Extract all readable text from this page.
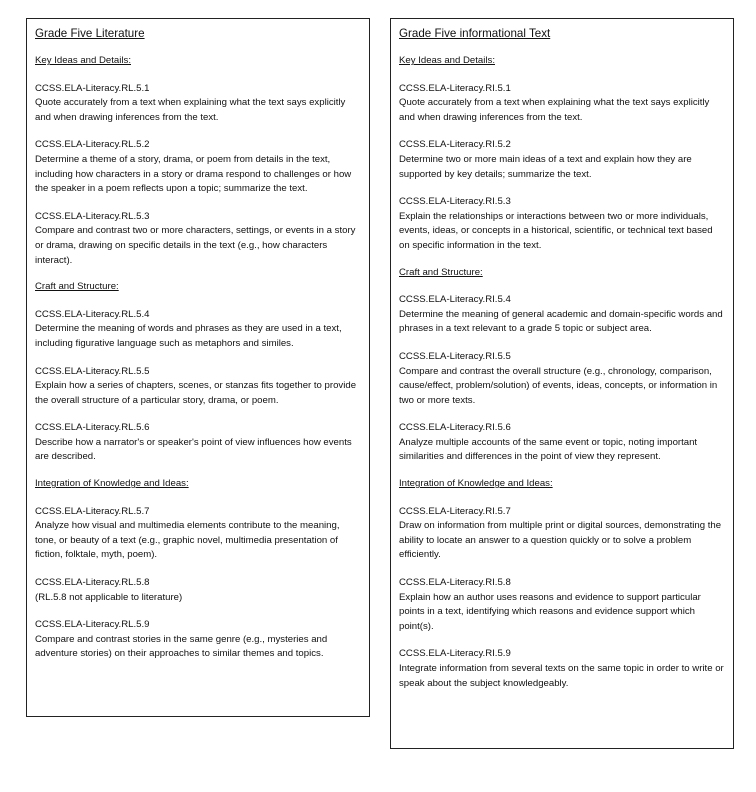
Grade Five Literature
Key Ideas and Details:
CCSS.ELA-Literacy.RL.5.1
Quote accurately from a text when explaining what the text says explicitly and when drawing inferences from the text.
CCSS.ELA-Literacy.RL.5.2
Determine a theme of a story, drama, or poem from details in the text, including how characters in a story or drama respond to challenges or how the speaker in a poem reflects upon a topic; summarize the text.
CCSS.ELA-Literacy.RL.5.3
Compare and contrast two or more characters, settings, or events in a story or drama, drawing on specific details in the text (e.g., how characters interact).
Craft and Structure:
CCSS.ELA-Literacy.RL.5.4
Determine the meaning of words and phrases as they are used in a text, including figurative language such as metaphors and similes.
CCSS.ELA-Literacy.RL.5.5
Explain how a series of chapters, scenes, or stanzas fits together to provide the overall structure of a particular story, drama, or poem.
CCSS.ELA-Literacy.RL.5.6
Describe how a narrator's or speaker's point of view influences how events are described.
Integration of Knowledge and Ideas:
CCSS.ELA-Literacy.RL.5.7
Analyze how visual and multimedia elements contribute to the meaning, tone, or beauty of a text (e.g., graphic novel, multimedia presentation of fiction, folktale, myth, poem).
CCSS.ELA-Literacy.RL.5.8
(RL.5.8 not applicable to literature)
CCSS.ELA-Literacy.RL.5.9
Compare and contrast stories in the same genre (e.g., mysteries and adventure stories) on their approaches to similar themes and topics.
Grade Five informational Text
Key Ideas and Details:
CCSS.ELA-Literacy.RI.5.1
Quote accurately from a text when explaining what the text says explicitly and when drawing inferences from the text.
CCSS.ELA-Literacy.RI.5.2
Determine two or more main ideas of a text and explain how they are supported by key details; summarize the text.
CCSS.ELA-Literacy.RI.5.3
Explain the relationships or interactions between two or more individuals, events, ideas, or concepts in a historical, scientific, or technical text based on specific information in the text.
Craft and Structure:
CCSS.ELA-Literacy.RI.5.4
Determine the meaning of general academic and domain-specific words and phrases in a text relevant to a grade 5 topic or subject area.
CCSS.ELA-Literacy.RI.5.5
Compare and contrast the overall structure (e.g., chronology, comparison, cause/effect, problem/solution) of events, ideas, concepts, or information in two or more texts.
CCSS.ELA-Literacy.RI.5.6
Analyze multiple accounts of the same event or topic, noting important similarities and differences in the point of view they represent.
Integration of Knowledge and Ideas:
CCSS.ELA-Literacy.RI.5.7
Draw on information from multiple print or digital sources, demonstrating the ability to locate an answer to a question quickly or to solve a problem efficiently.
CCSS.ELA-Literacy.RI.5.8
Explain how an author uses reasons and evidence to support particular points in a text, identifying which reasons and evidence support which point(s).
CCSS.ELA-Literacy.RI.5.9
Integrate information from several texts on the same topic in order to write or speak about the subject knowledgeably.
